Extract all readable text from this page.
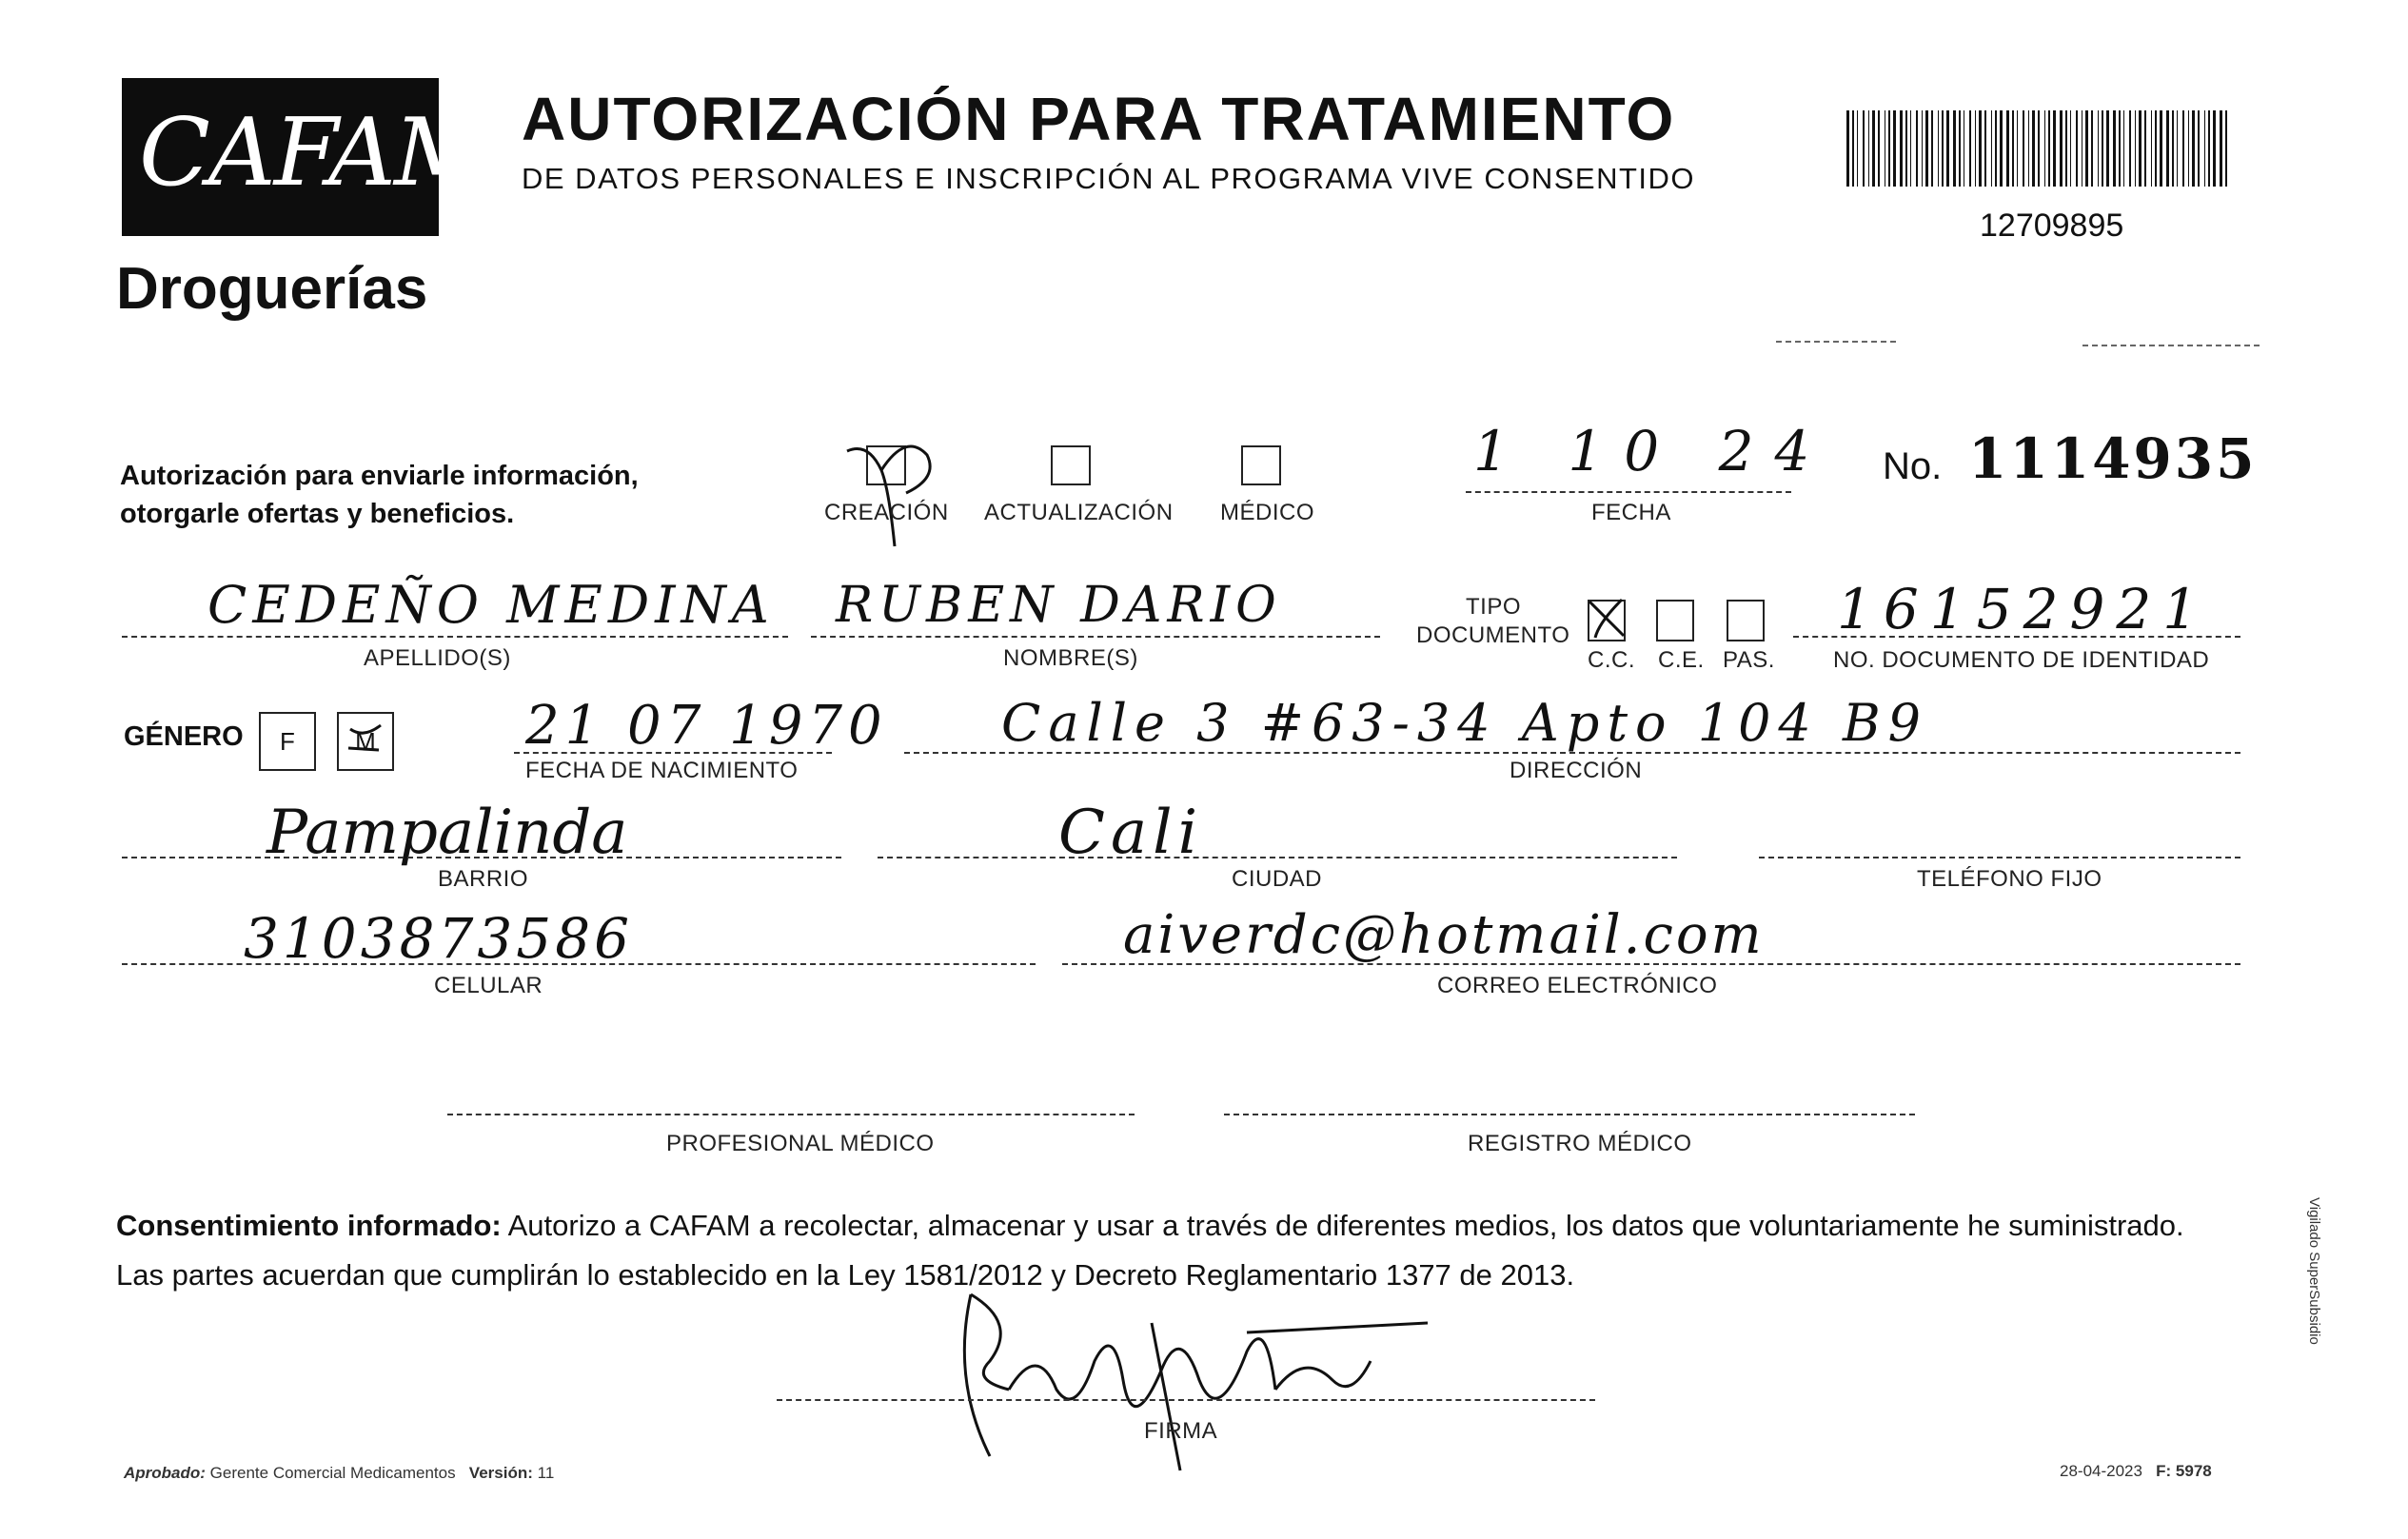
CAFAM
Droguerías
AUTORIZACIÓN PARA TRATAMIENTO
DE DATOS PERSONALES E INSCRIPCIÓN AL PROGRAMA VIVE CONSENTIDO
12709895
Autorización para enviarle información,
otorgarle ofertas y beneficios.	CREACIÓN ACTUALIZACIÓN MÉDICO
1 10 24
FECHA
No. 1114935
CEDEÑO MEDINA
APELLIDO(S)
RUBEN DARIO
NOMBRE(S)
TIPO
DOCUMENTO
C.C. C.E. PAS.
16152921
NO. DOCUMENTO DE IDENTIDAD
GÉNERO	F	M	21 07 1970
FECHA DE NACIMIENTO
Calle 3 #63-34 Apto 104 B9
DIRECCIÓN
Pampalinda
BARRIO
Cali
CIUDAD	TELÉFONO FIJO
3103873586
CELULAR
aiverdc@hotmail.com
CORREO ELECTRÓNICO
PROFESIONAL MÉDICO	REGISTRO MÉDICO
Consentimiento informado: Autorizo a CAFAM a recolectar, almacenar y usar a través de diferentes medios, los datos que voluntariamente he suministrado.
Las partes acuerdan que cumplirán lo establecido en la Ley 1581/2012 y Decreto Reglamentario 1377 de 2013.
FIRMA
Aprobado: Gerente Comercial Medicamentos Versión: 11	28-04-2023 F: 5978
Vigilado SuperSubsidio
